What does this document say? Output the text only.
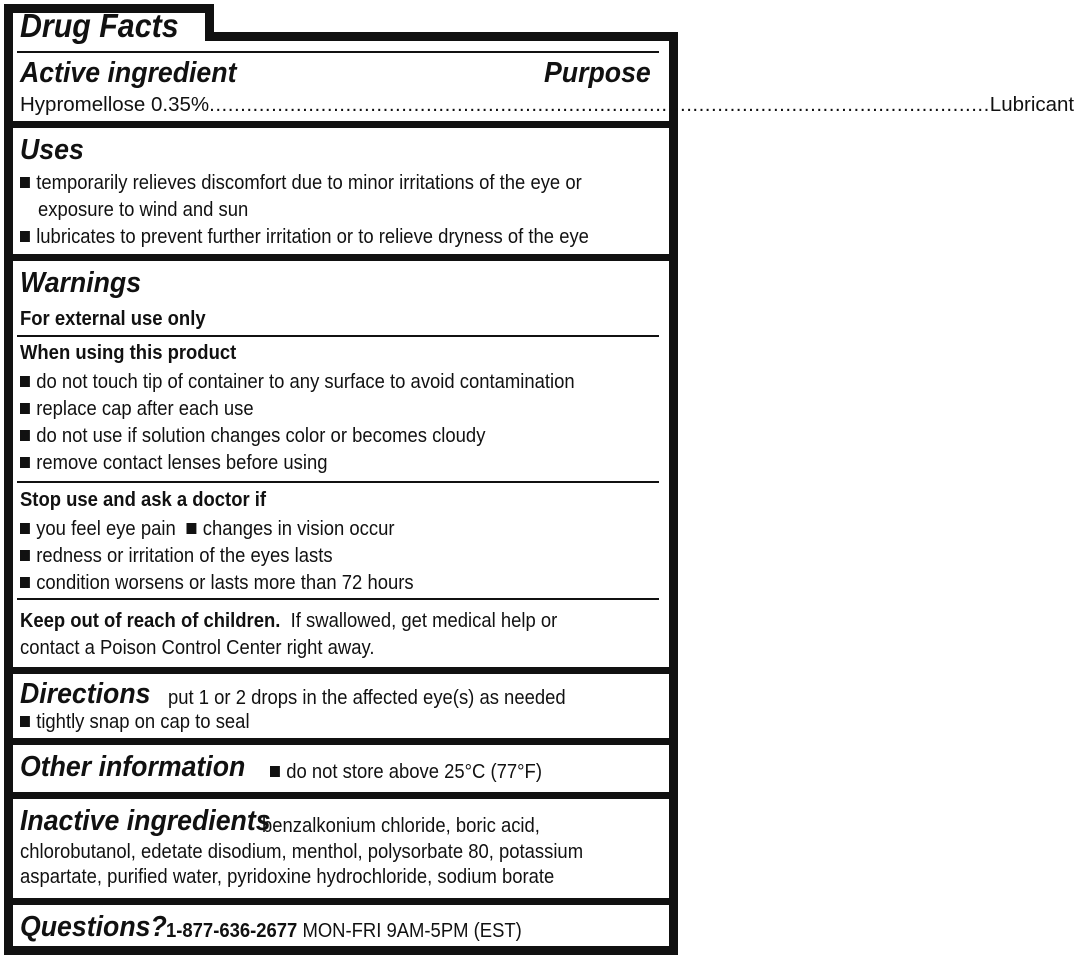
Drug Facts
Active ingredient	Purpose
Hypromellose 0.35% .............................................................................................................................. Lubricant
Uses
temporarily relieves discomfort due to minor irritations of the eye or
exposure to wind and sun
lubricates to prevent further irritation or to relieve dryness of the eye
Warnings
For external use only
When using this product
do not touch tip of container to any surface to avoid contamination
replace cap after each use
do not use if solution changes color or becomes cloudy
remove contact lenses before using
Stop use and ask a doctor if
you feel eye pain changes in vision occur
redness or irritation of the eyes lasts
condition worsens or lasts more than 72 hours
Keep out of reach of children. If swallowed, get medical help or
contact a Poison Control Center right away.
Directions put 1 or 2 drops in the affected eye(s) as needed
tightly snap on cap to seal
Other information	do not store above 25°C (77°F)
Inactive ingredients
benzalkonium chloride, boric acid,
chlorobutanol, edetate disodium, menthol, polysorbate 80, potassium
aspartate, purified water, pyridoxine hydrochloride, sodium borate
Questions? 1-877-636-2677 MON-FRI 9AM-5PM (EST)
